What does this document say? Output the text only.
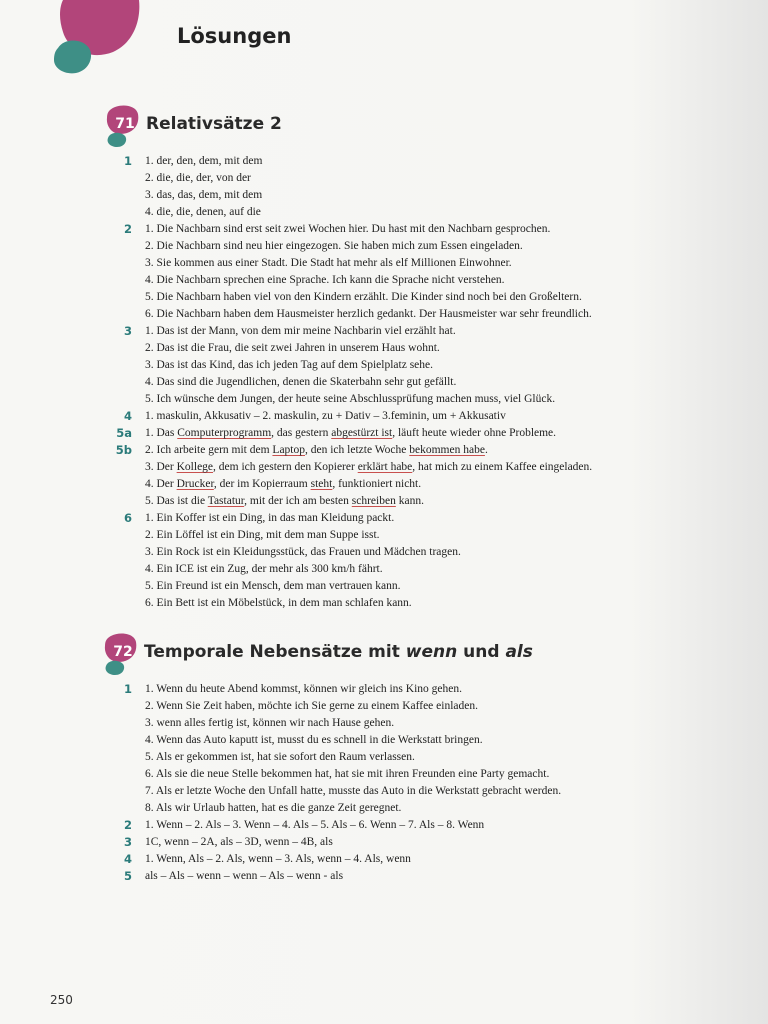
Lösungen
71 Relativsätze 2
1 1. der, den, dem, mit dem
2. die, die, der, von der
3. das, das, dem, mit dem
4. die, die, denen, auf die
2 1. Die Nachbarn sind erst seit zwei Wochen hier. Du hast mit den Nachbarn gesprochen.
2. Die Nachbarn sind neu hier eingezogen. Sie haben mich zum Essen eingeladen.
3. Sie kommen aus einer Stadt. Die Stadt hat mehr als elf Millionen Einwohner.
4. Die Nachbarn sprechen eine Sprache. Ich kann die Sprache nicht verstehen.
5. Die Nachbarn haben viel von den Kindern erzählt. Die Kinder sind noch bei den Großeltern.
6. Die Nachbarn haben dem Hausmeister herzlich gedankt. Der Hausmeister war sehr freundlich.
3 1. Das ist der Mann, von dem mir meine Nachbarin viel erzählt hat.
2. Das ist die Frau, die seit zwei Jahren in unserem Haus wohnt.
3. Das ist das Kind, das ich jeden Tag auf dem Spielplatz sehe.
4. Das sind die Jugendlichen, denen die Skaterbahn sehr gut gefällt.
5. Ich wünsche dem Jungen, der heute seine Abschlussprüfung machen muss, viel Glück.
4 1. maskulin, Akkusativ – 2. maskulin, zu + Dativ – 3.feminin, um + Akkusativ
5a 5b
1. Das Computerprogramm, das gestern abgestürzt ist, läuft heute wieder ohne Probleme.
2. Ich arbeite gern mit dem Laptop, den ich letzte Woche bekommen habe.
3. Der Kollege, dem ich gestern den Kopierer erklärt habe, hat mich zu einem Kaffee eingeladen.
4. Der Drucker, der im Kopierraum steht, funktioniert nicht.
5. Das ist die Tastatur, mit der ich am besten schreiben kann.
6 1. Ein Koffer ist ein Ding, in das man Kleidung packt.
2. Ein Löffel ist ein Ding, mit dem man Suppe isst.
3. Ein Rock ist ein Kleidungsstück, das Frauen und Mädchen tragen.
4. Ein ICE ist ein Zug, der mehr als 300 km/h fährt.
5. Ein Freund ist ein Mensch, dem man vertrauen kann.
6. Ein Bett ist ein Möbelstück, in dem man schlafen kann.
72 Temporale Nebensätze mit wenn und als
1 1. Wenn du heute Abend kommst, können wir gleich ins Kino gehen.
2. Wenn Sie Zeit haben, möchte ich Sie gerne zu einem Kaffee einladen.
3. wenn alles fertig ist, können wir nach Hause gehen.
4. Wenn das Auto kaputt ist, musst du es schnell in die Werkstatt bringen.
5. Als er gekommen ist, hat sie sofort den Raum verlassen.
6. Als sie die neue Stelle bekommen hat, hat sie mit ihren Freunden eine Party gemacht.
7. Als er letzte Woche den Unfall hatte, musste das Auto in die Werkstatt gebracht werden.
8. Als wir Urlaub hatten, hat es die ganze Zeit geregnet.
2 1. Wenn – 2. Als – 3. Wenn – 4. Als – 5. Als – 6. Wenn – 7. Als – 8. Wenn
3 1C, wenn – 2A, als – 3D, wenn – 4B, als
4 1. Wenn, Als – 2. Als, wenn – 3. Als, wenn – 4. Als, wenn
5 als – Als – wenn – wenn – Als – wenn - als
250
